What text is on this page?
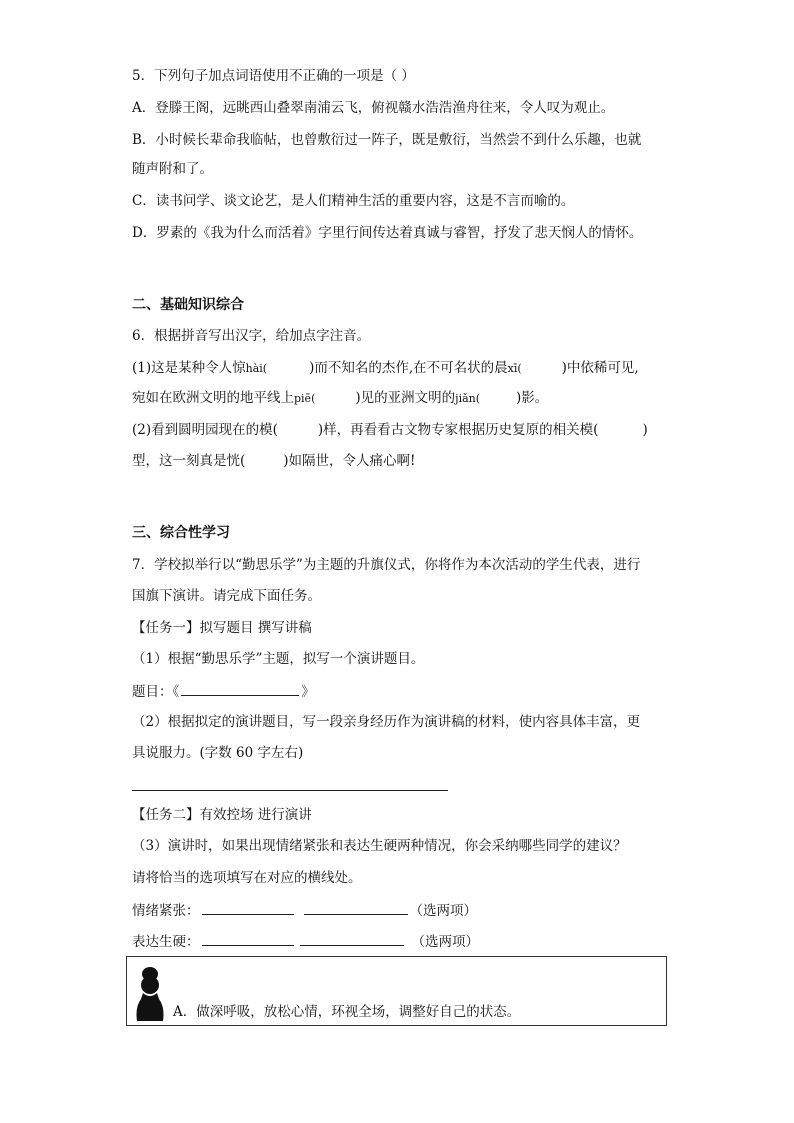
5．下列句子加点词语使用不正确的一项是（ ）
A．登滕王阁，远眺西山叠翠南浦云飞，俯视赣水浩浩渔舟往来，令人叹为观止。
B．小时候长辈命我临帖，也曾敷衍过一阵子，既是敷衍，当然尝不到什么乐趣，也就
随声附和了。
C．读书问学、谈文论艺，是人们精神生活的重要内容，这是不言而喻的。
D．罗素的《我为什么而活着》字里行间传达着真诚与睿智，抒发了悲天悯人的情怀。
二、基础知识综合
6．根据拼音写出汉字，给加点字注音。
(1)这是某种令人惊hài(	)而不知名的杰作,在不可名状的晨xī(	)中依稀可见,
宛如在欧洲文明的地平线上piē(	)见的亚洲文明的jiǎn(	)影。
(2)看到圆明园现在的模(	)样，再看看古文物专家根据历史复原的相关模(	)
型，这一刻真是恍(	)如隔世，令人痛心啊!
三、综合性学习
7．学校拟举行以“勤思乐学”为主题的升旗仪式，你将作为本次活动的学生代表，进行
国旗下演讲。请完成下面任务。
【任务一】拟写题目 撰写讲稿
（1）根据“勤思乐学”主题，拟写一个演讲题目。
题目：《	》
（2）根据拟定的演讲题目，写一段亲身经历作为演讲稿的材料，使内容具体丰富，更
具说服力。(字数 60 字左右)
【任务二】有效控场 进行演讲
（3）演讲时，如果出现情绪紧张和表达生硬两种情况，你会采纳哪些同学的建议？
请将恰当的选项填写在对应的横线处。
情绪紧张：	（选两项）
表达生硬：	（选两项）
A．做深呼吸，放松心情，环视全场，调整好自己的状态。
